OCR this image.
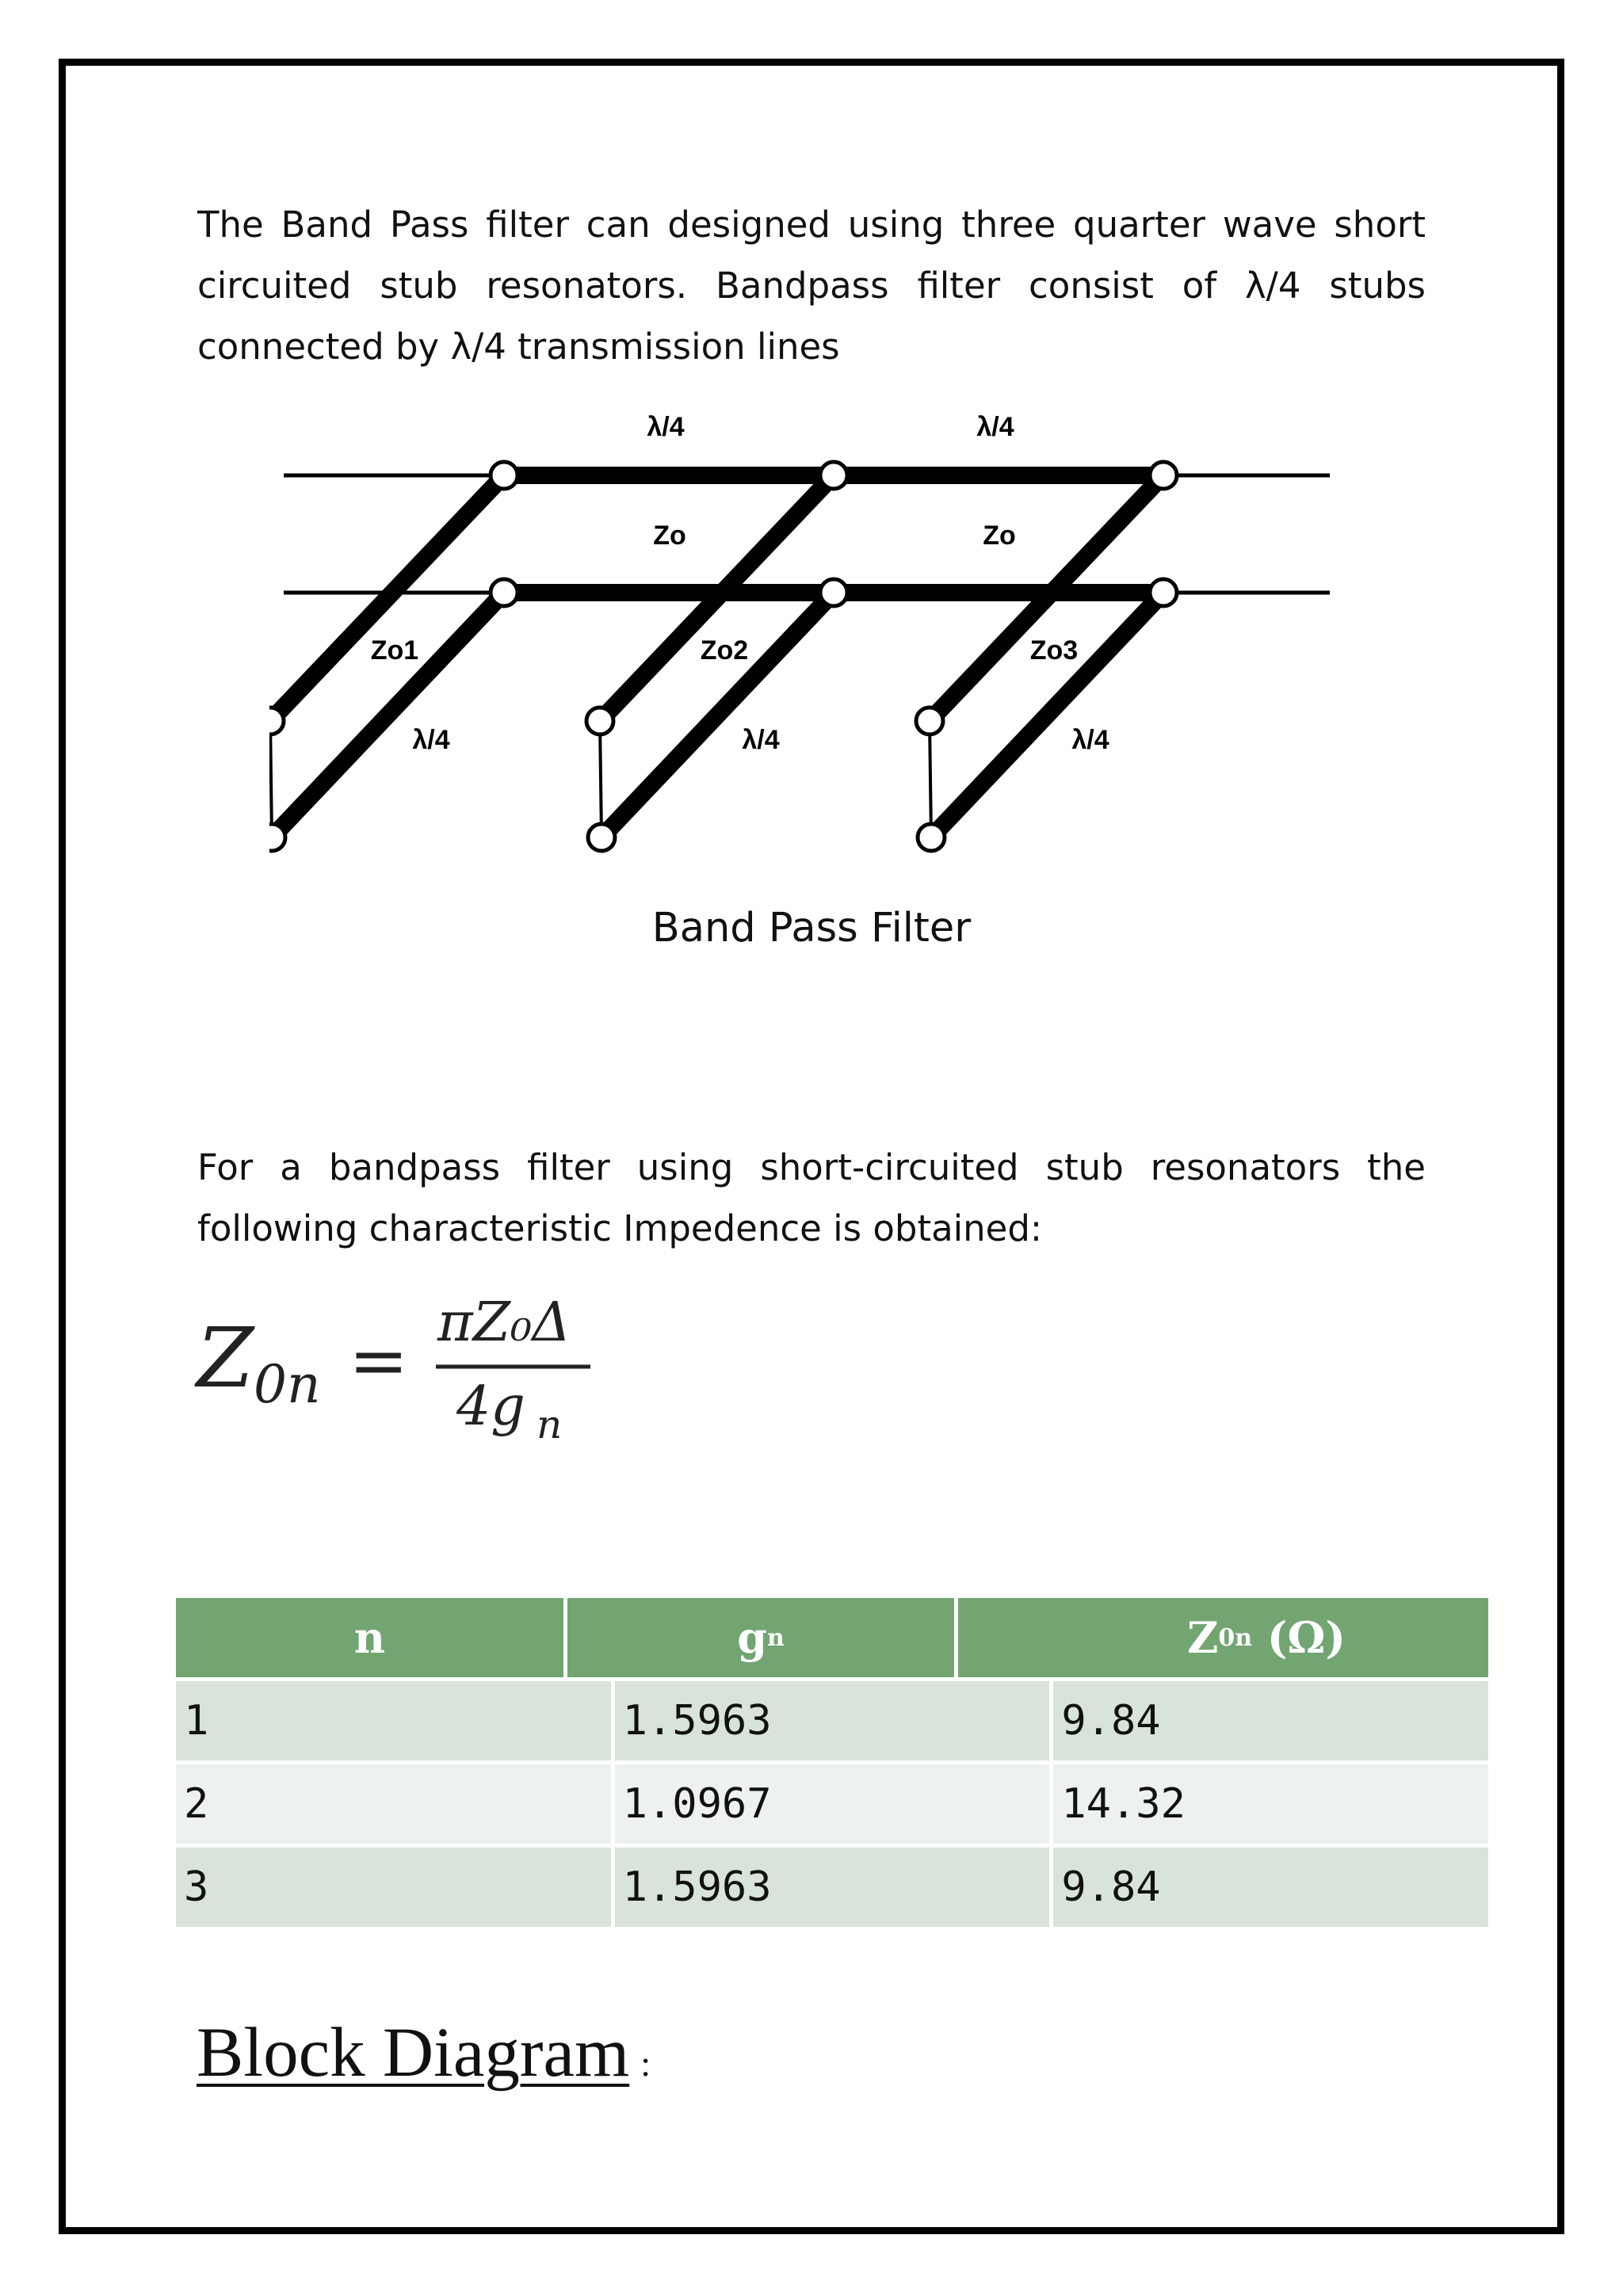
The Band Pass filter can designed using three quarter wave short circuited stub resonators. Bandpass filter consist of λ/4 stubs connected by λ/4 transmission lines
λ/4	λ/4
Zo	Zo
Zo1	Zo2	Zo3
λ/4	λ/4	λ/4
Band Pass Filter
For a bandpass filter using short-circuited stub resonators the following characteristic Impedence is obtained:
Z 0n = πZ₀Δ
4g n
n	g n	Z 0n (Ω)
1	1.5963	9.84
2	1.0967	14.32
3	1.5963	9.84
Block Diagram :
